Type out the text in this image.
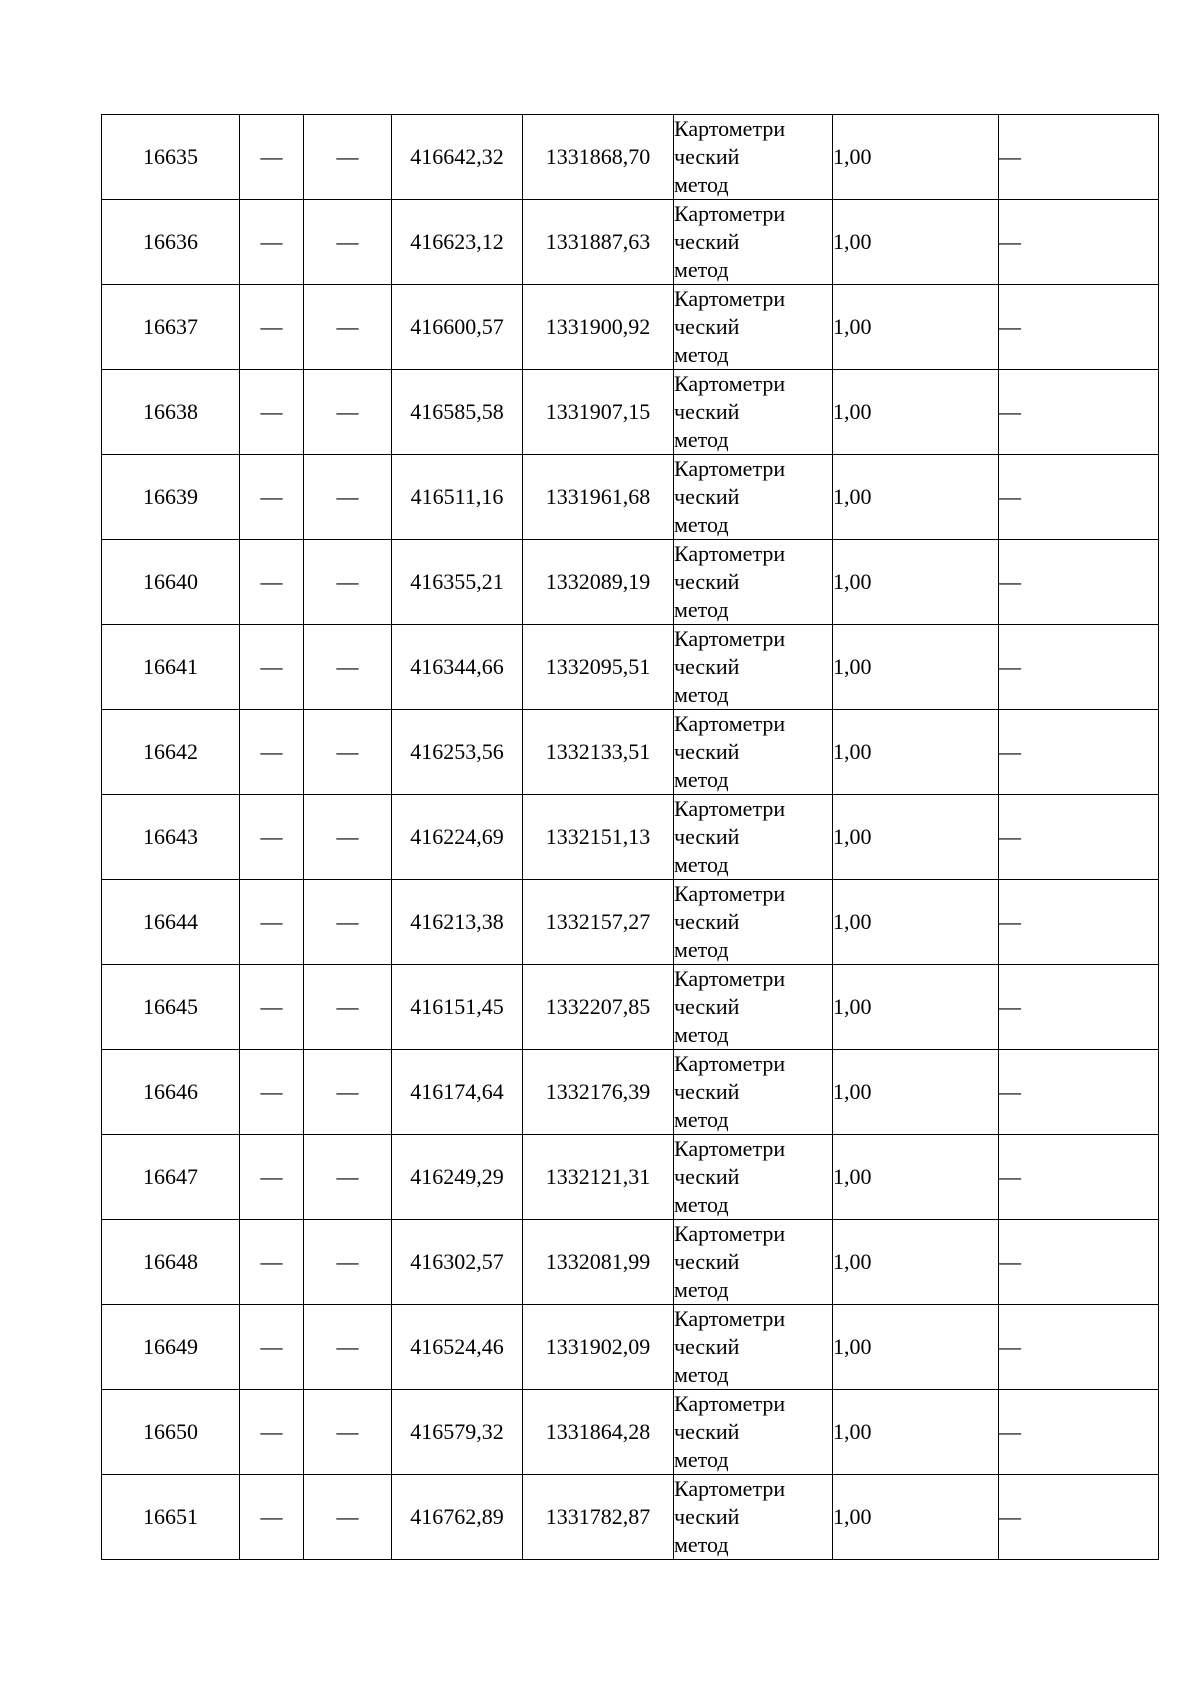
16635	—	—	416642,32	1331868,70	Картометри
ческий
метод	1,00	—
16636	—	—	416623,12	1331887,63	Картометри
ческий
метод	1,00	—
16637	—	—	416600,57	1331900,92	Картометри
ческий
метод	1,00	—
16638	—	—	416585,58	1331907,15	Картометри
ческий
метод	1,00	—
16639	—	—	416511,16	1331961,68	Картометри
ческий
метод	1,00	—
16640	—	—	416355,21	1332089,19	Картометри
ческий
метод	1,00	—
16641	—	—	416344,66	1332095,51	Картометри
ческий
метод	1,00	—
16642	—	—	416253,56	1332133,51	Картометри
ческий
метод	1,00	—
16643	—	—	416224,69	1332151,13	Картометри
ческий
метод	1,00	—
16644	—	—	416213,38	1332157,27	Картометри
ческий
метод	1,00	—
16645	—	—	416151,45	1332207,85	Картометри
ческий
метод	1,00	—
16646	—	—	416174,64	1332176,39	Картометри
ческий
метод	1,00	—
16647	—	—	416249,29	1332121,31	Картометри
ческий
метод	1,00	—
16648	—	—	416302,57	1332081,99	Картометри
ческий
метод	1,00	—
16649	—	—	416524,46	1331902,09	Картометри
ческий
метод	1,00	—
16650	—	—	416579,32	1331864,28	Картометри
ческий
метод	1,00	—
16651	—	—	416762,89	1331782,87	Картометри
ческий
метод	1,00	—
